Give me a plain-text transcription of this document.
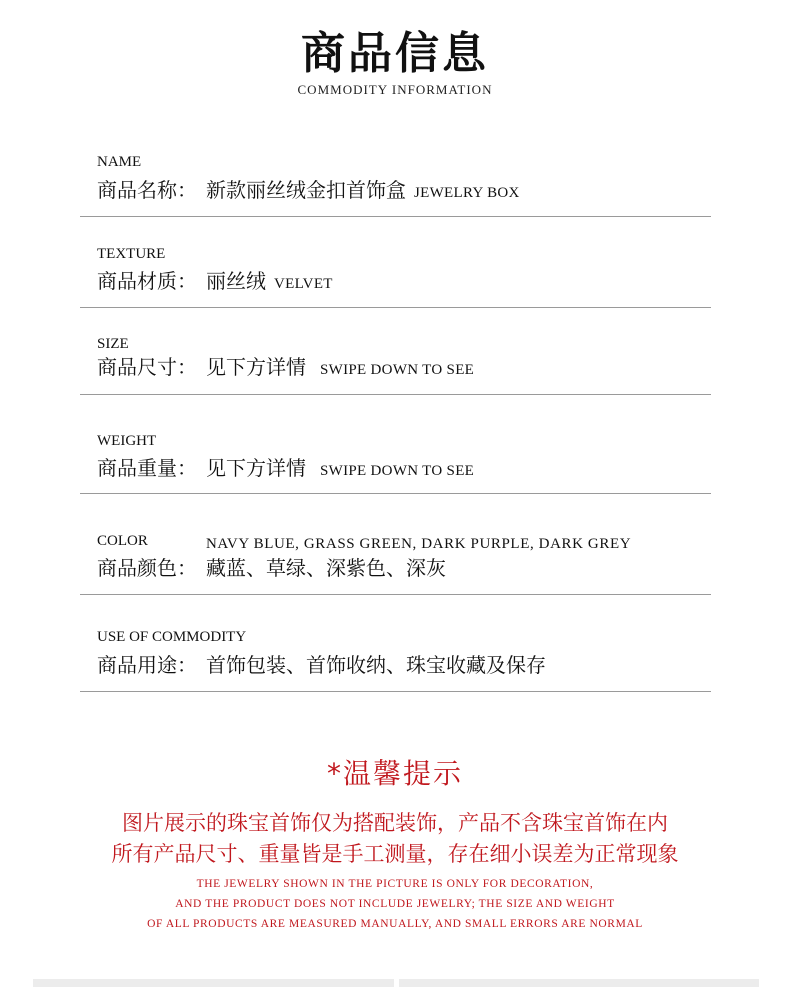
商品信息
COMMODITY INFORMATION
NAME
商品名称： 新款丽丝绒金扣首饰盒 JEWELRY BOX
TEXTURE
商品材质： 丽丝绒 VELVET
SIZE
商品尺寸： 见下方详情 SWIPE DOWN TO SEE
WEIGHT
商品重量： 见下方详情 SWIPE DOWN TO SEE
COLOR	NAVY BLUE, GRASS GREEN, DARK PURPLE, DARK GREY
商品颜色： 藏蓝、草绿、深紫色、深灰
USE OF COMMODITY
商品用途： 首饰包装、首饰收纳、珠宝收藏及保存
*温馨提示
图片展示的珠宝首饰仅为搭配装饰，产品不含珠宝首饰在内
所有产品尺寸、重量皆是手工测量，存在细小误差为正常现象
THE JEWELRY SHOWN IN THE PICTURE IS ONLY FOR DECORATION,
AND THE PRODUCT DOES NOT INCLUDE JEWELRY; THE SIZE AND WEIGHT
OF ALL PRODUCTS ARE MEASURED MANUALLY, AND SMALL ERRORS ARE NORMAL
